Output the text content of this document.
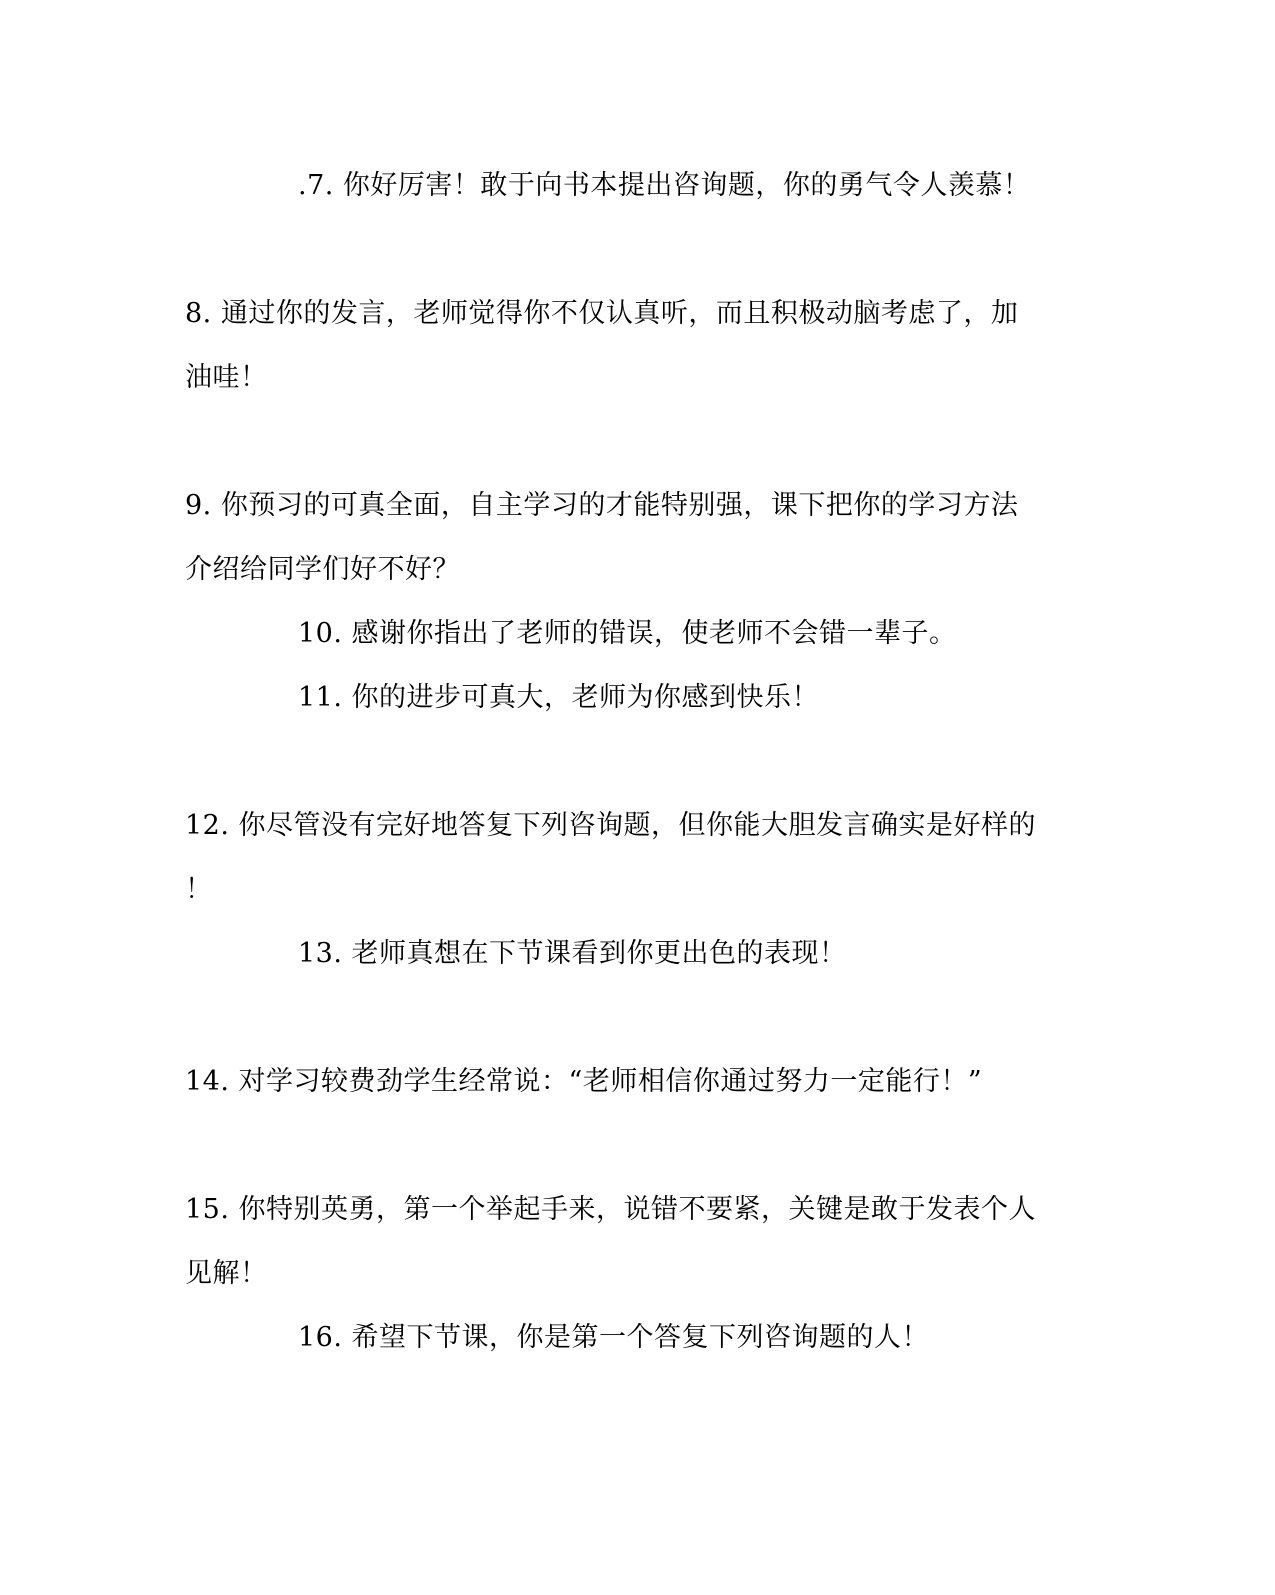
.7. 你好厉害！敢于向书本提出咨询题，你的勇气令人羡慕！
8. 通过你的发言，老师觉得你不仅认真听，而且积极动脑考虑了，加
油哇！
9. 你预习的可真全面，自主学习的才能特别强，课下把你的学习方法
介绍给同学们好不好？
10. 感谢你指出了老师的错误，使老师不会错一辈子。
11. 你的进步可真大，老师为你感到快乐！
12. 你尽管没有完好地答复下列咨询题，但你能大胆发言确实是好样的
！
13. 老师真想在下节课看到你更出色的表现！
14. 对学习较费劲学生经常说：“老师相信你通过努力一定能行！”
15. 你特别英勇，第一个举起手来，说错不要紧，关键是敢于发表个人
见解！
16. 希望下节课，你是第一个答复下列咨询题的人！
